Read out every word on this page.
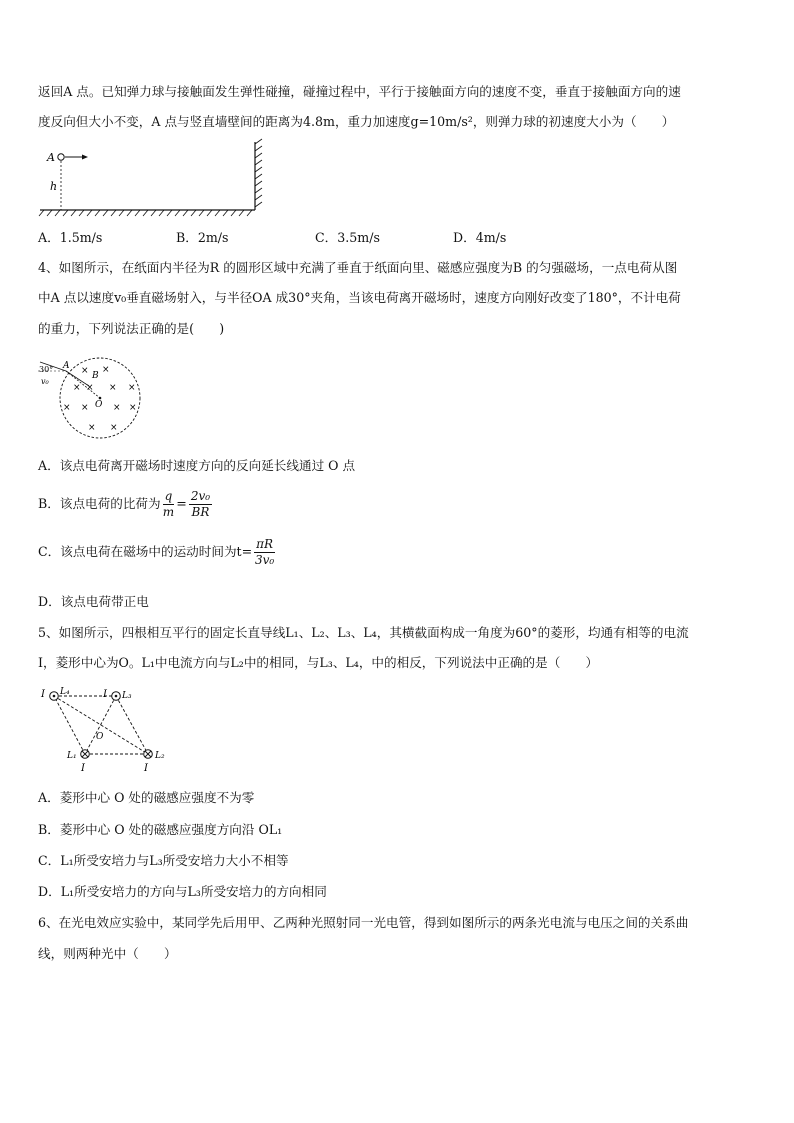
返回A 点。已知弹力球与接触面发生弹性碰撞，碰撞过程中，平行于接触面方向的速度不变，垂直于接触面方向的速
度反向但大小不变，A 点与竖直墙壁间的距离为4.8m，重力加速度g=10m/s²，则弹力球的初速度大小为（　　）
A
h
A．1.5m/s	B．2m/s	C．3.5m/s	D．4m/s
4、如图所示，在纸面内半径为R 的圆形区域中充满了垂直于纸面向里、磁感应强度为B 的匀强磁场，一点电荷从图
中A 点以速度v₀垂直磁场射入，与半径OA 成30°夹角，当该电荷离开磁场时，速度方向刚好改变了180°，不计电荷
的重力，下列说法正确的是(　　)
30° A
v₀
B
O
× ×
× × × ×
× ×	× ×
× ×
A．该点电荷离开磁场时速度方向的反向延长线通过 O 点
B．该点电荷的比荷为 $\frac{q}{m} = \frac{\text{2v₀}}{BR}$
C．该点电荷在磁场中的运动时间为$t= \frac{\pi R}{\text{3v₀}}$
D．该点电荷带正电
5、如图所示，四根相互平行的固定长直导线L₁、L₂、L₃、L₄，其横截面构成一角度为60°的菱形，均通有相等的电流
I，菱形中心为O。L₁中电流方向与L₂中的相同，与L₃、L₄，中的相反，下列说法中正确的是（　　）
I L₄	I L₃
O
L₁
I
L₂
I
A．菱形中心 O 处的磁感应强度不为零
B．菱形中心 O 处的磁感应强度方向沿 OL₁
C．L₁所受安培力与L₃所受安培力大小不相等
D．L₁所受安培力的方向与L₃所受安培力的方向相同
6、在光电效应实验中，某同学先后用甲、乙两种光照射同一光电管，得到如图所示的两条光电流与电压之间的关系曲
线，则两种光中（　　）
